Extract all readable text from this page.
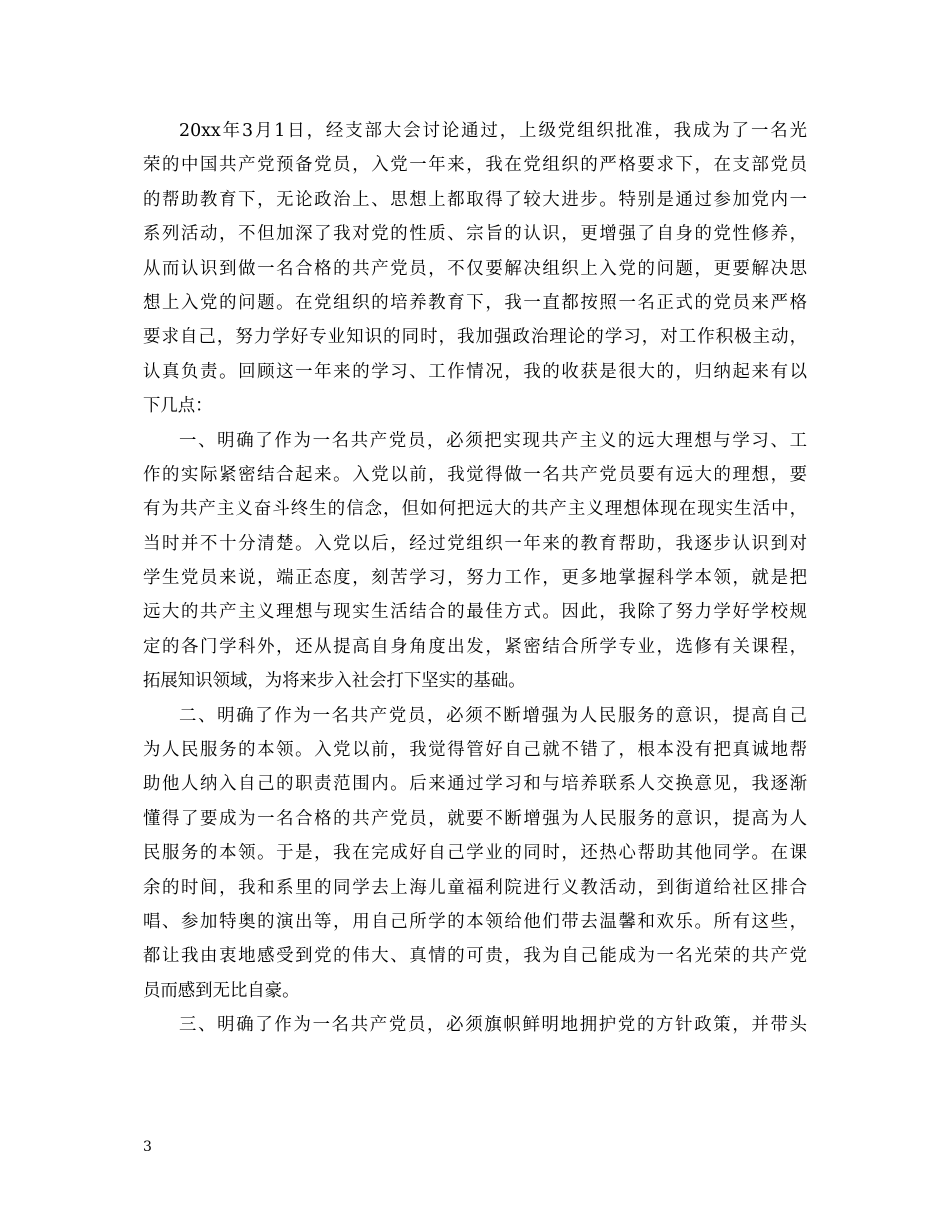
20xx年3月1日，经支部大会讨论通过，上级党组织批准，我成为了一名光
荣的中国共产党预备党员，入党一年来，我在党组织的严格要求下，在支部党员
的帮助教育下，无论政治上、思想上都取得了较大进步。特别是通过参加党内一
系列活动，不但加深了我对党的性质、宗旨的认识，更增强了自身的党性修养，
从而认识到做一名合格的共产党员，不仅要解决组织上入党的问题，更要解决思
想上入党的问题。在党组织的培养教育下，我一直都按照一名正式的党员来严格
要求自己，努力学好专业知识的同时，我加强政治理论的学习，对工作积极主动，
认真负责。回顾这一年来的学习、工作情况，我的收获是很大的，归纳起来有以
下几点：
一、明确了作为一名共产党员，必须把实现共产主义的远大理想与学习、工
作的实际紧密结合起来。入党以前，我觉得做一名共产党员要有远大的理想，要
有为共产主义奋斗终生的信念，但如何把远大的共产主义理想体现在现实生活中，
当时并不十分清楚。入党以后，经过党组织一年来的教育帮助，我逐步认识到对
学生党员来说，端正态度，刻苦学习，努力工作，更多地掌握科学本领，就是把
远大的共产主义理想与现实生活结合的最佳方式。因此，我除了努力学好学校规
定的各门学科外，还从提高自身角度出发，紧密结合所学专业，选修有关课程，
拓展知识领域，为将来步入社会打下坚实的基础。
二、明确了作为一名共产党员，必须不断增强为人民服务的意识，提高自己
为人民服务的本领。入党以前，我觉得管好自己就不错了，根本没有把真诚地帮
助他人纳入自己的职责范围内。后来通过学习和与培养联系人交换意见，我逐渐
懂得了要成为一名合格的共产党员，就要不断增强为人民服务的意识，提高为人
民服务的本领。于是，我在完成好自己学业的同时，还热心帮助其他同学。在课
余的时间，我和系里的同学去上海儿童福利院进行义教活动，到街道给社区排合
唱、参加特奥的演出等，用自己所学的本领给他们带去温馨和欢乐。所有这些，
都让我由衷地感受到党的伟大、真情的可贵，我为自己能成为一名光荣的共产党
员而感到无比自豪。
三、明确了作为一名共产党员，必须旗帜鲜明地拥护党的方针政策，并带头
3
